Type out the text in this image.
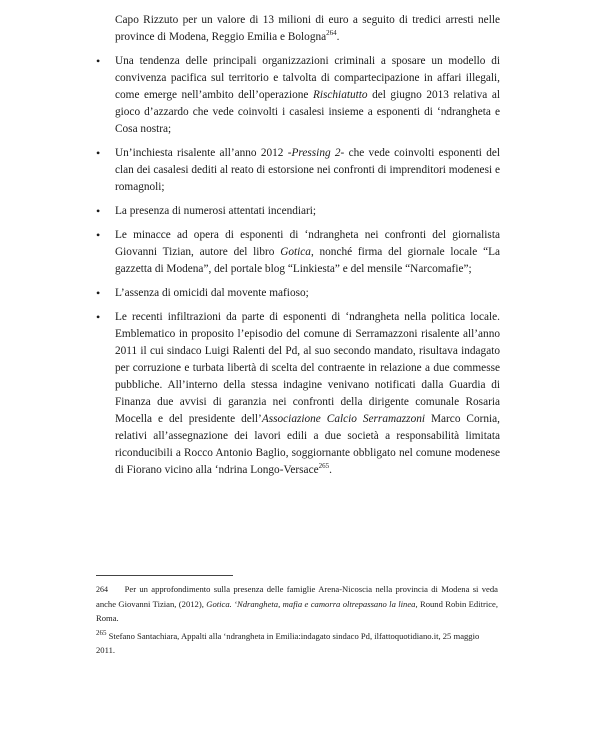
Capo Rizzuto per un valore di 13 milioni di euro a seguito di tredici arresti nelle province di Modena, Reggio Emilia e Bologna$^{264}$.
•	Una tendenza delle principali organizzazioni criminali a sposare un modello di convivenza pacifica sul territorio e talvolta di compartecipazione in affari illegali, come emerge nell’ambito dell’operazione Rischiatutto del giugno 2013 relativa al gioco d’azzardo che vede coinvolti i casalesi insieme a esponenti di ‘ndrangheta e Cosa nostra;
•	Un’inchiesta risalente all’anno 2012 -Pressing 2- che vede coinvolti esponenti del clan dei casalesi dediti al reato di estorsione nei confronti di imprenditori modenesi e romagnoli;
•	La presenza di numerosi attentati incendiari;
•	Le minacce ad opera di esponenti di ‘ndrangheta nei confronti del giornalista Giovanni Tizian, autore del libro Gotica, nonché firma del giornale locale “La gazzetta di Modena”, del portale blog “Linkiesta” e del mensile “Narcomafie”;
•	L’assenza di omicidi dal movente mafioso;
•	Le recenti infiltrazioni da parte di esponenti di ‘ndrangheta nella politica locale. Emblematico in proposito l’episodio del comune di Serramazzoni risalente all’anno 2011 il cui sindaco Luigi Ralenti del Pd, al suo secondo mandato, risultava indagato per corruzione e turbata libertà di scelta del contraente in relazione a due commesse pubbliche. All’interno della stessa indagine venivano notificati dalla Guardia di Finanza due avvisi di garanzia nei confronti della dirigente comunale Rosaria Mocella e del presidente dell’Associazione Calcio Serramazzoni Marco Cornia, relativi all’assegnazione dei lavori edili a due società a responsabilità limitata riconducibili a Rocco Antonio Baglio, soggiornante obbligato nel comune modenese di Fiorano vicino alla ‘ndrina Longo-Versace$^{265}$.
264 Per un approfondimento sulla presenza delle famiglie Arena-Nicoscia nella provincia di Modena si veda anche Giovanni Tizian, (2012), Gotica. ‘Ndrangheta, mafia e camorra oltrepassano la linea, Round Robin Editrice, Roma.
$^{265}$ Stefano Santachiara, Appalti alla ‘ndrangheta in Emilia:indagato sindaco Pd, ilfattoquotidiano.it, 25 maggio 2011.
